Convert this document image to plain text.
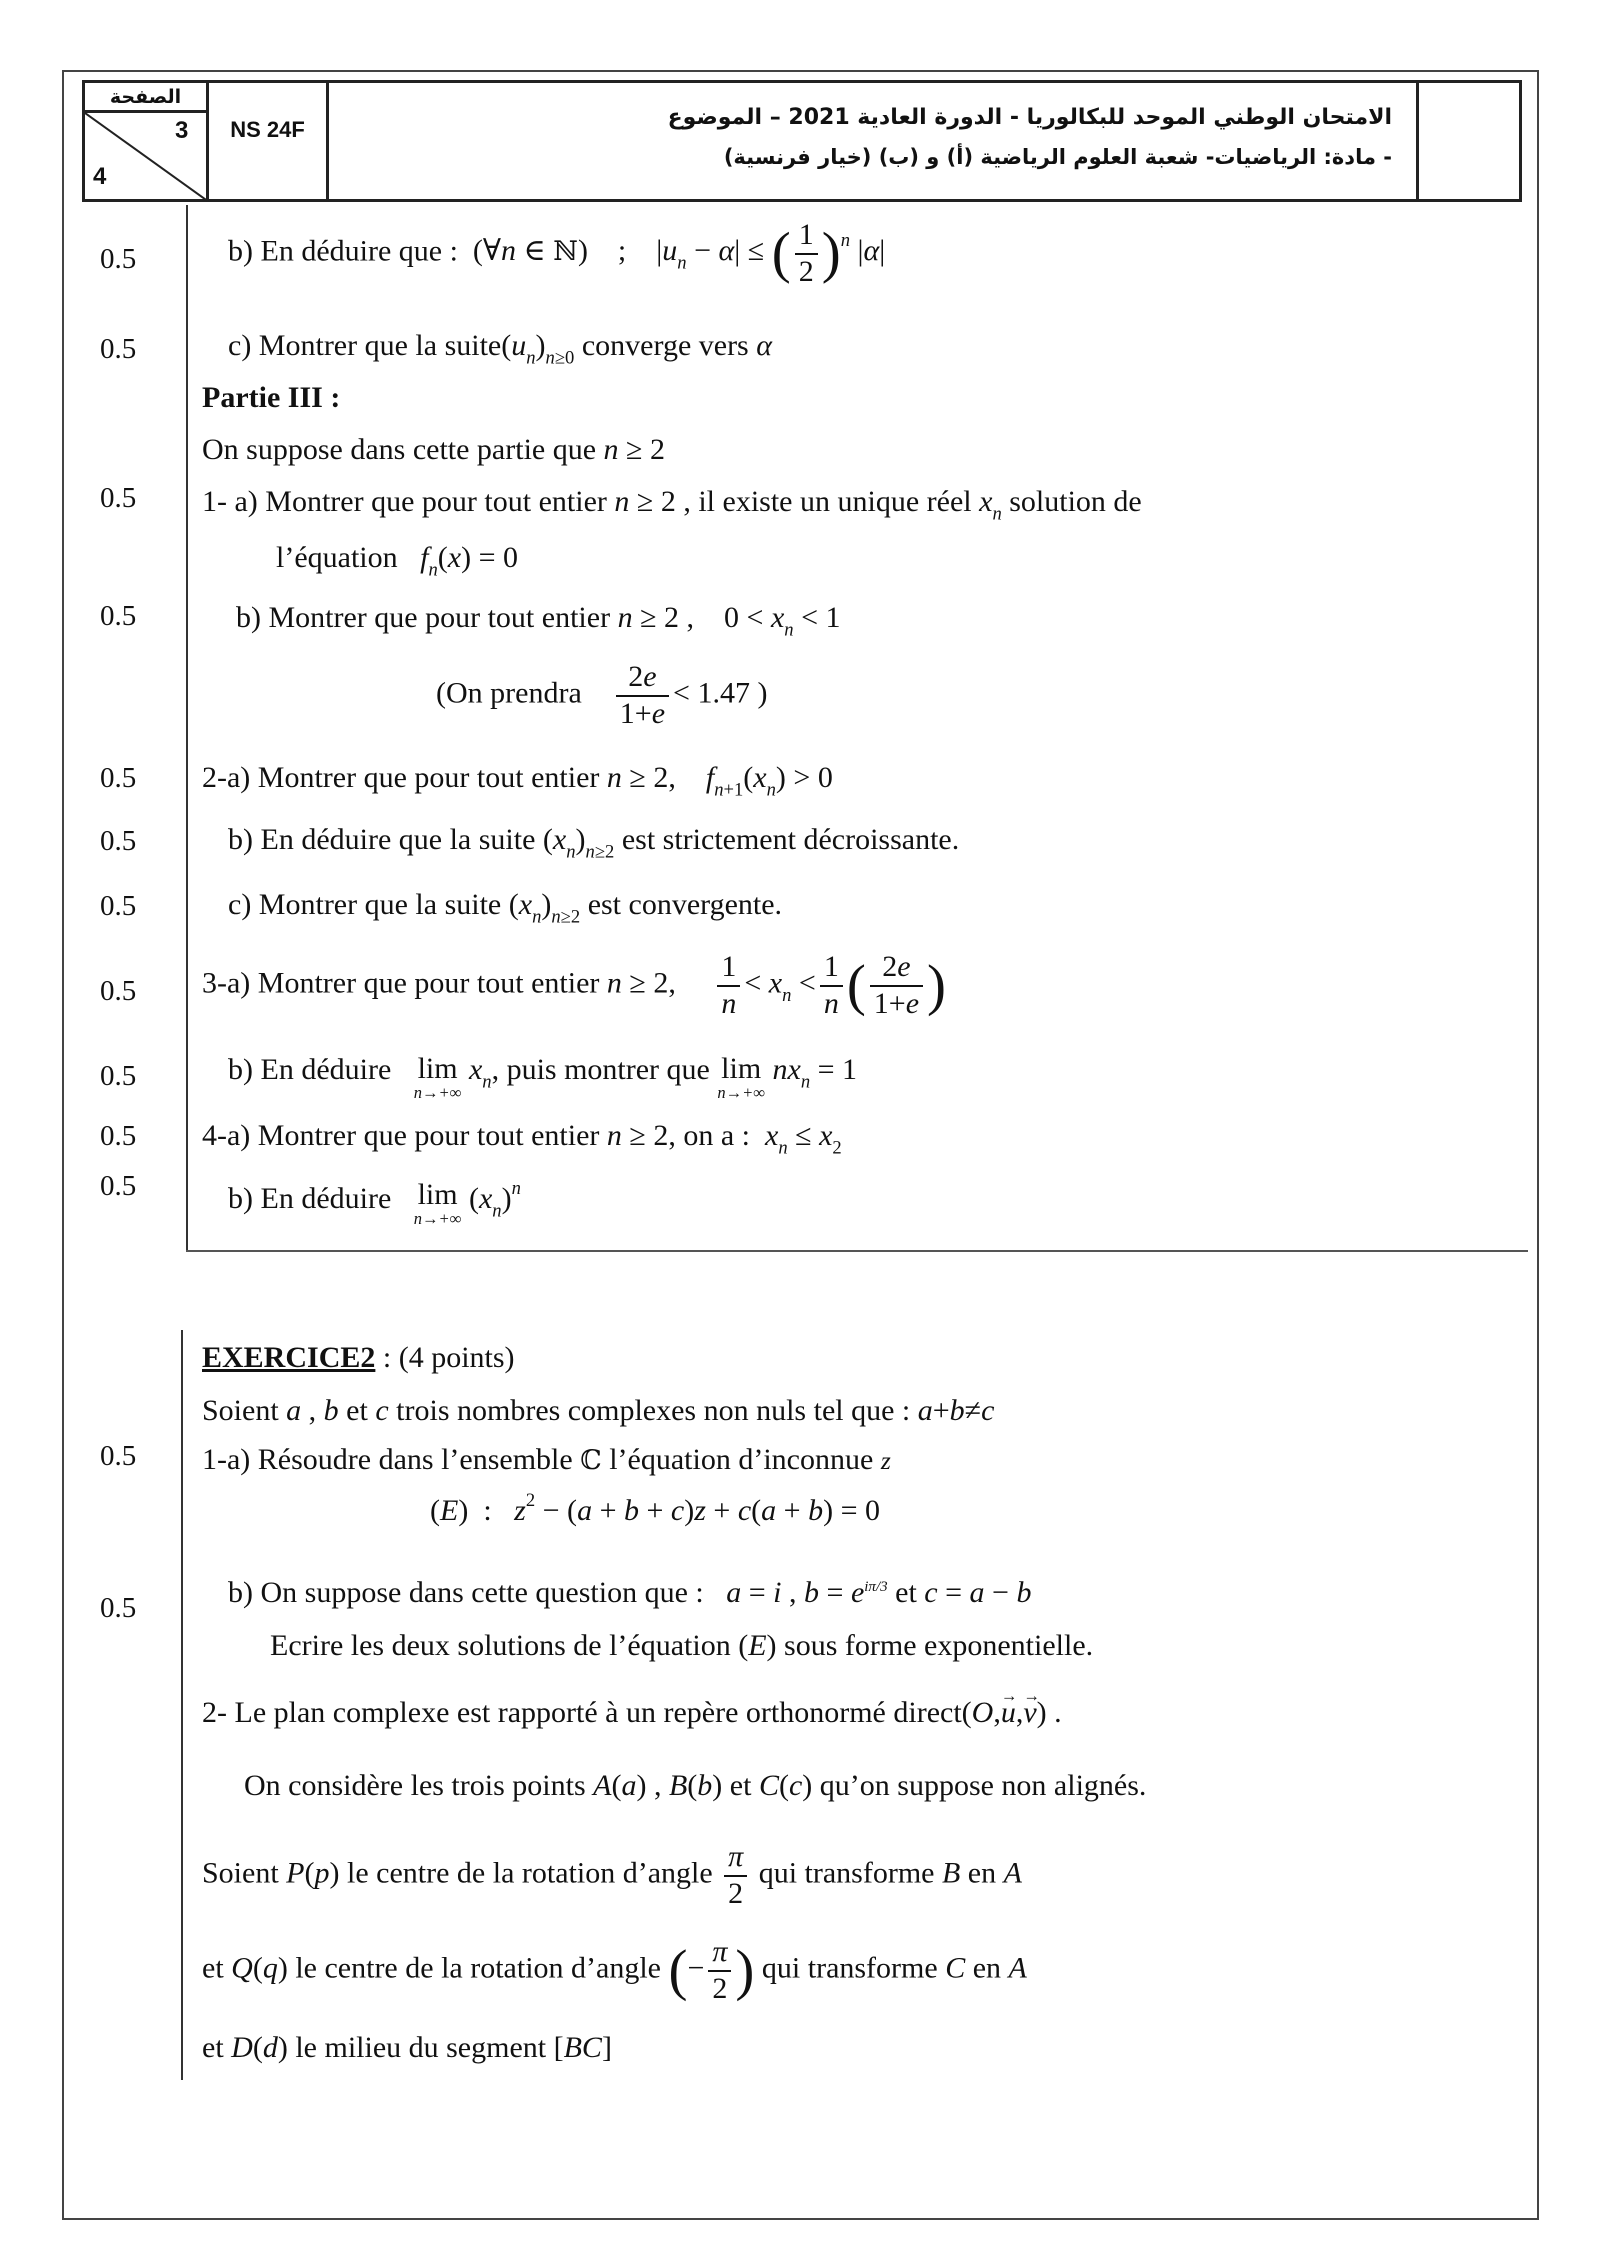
الصفحة
3
4
NS 24F	الامتحان الوطني الموحد للبكالوريا - الدورة العادية 2021 – الموضوع
- مادة: الرياضيات- شعبة العلوم الرياضية (أ) و (ب) (خيار فرنسية)
0.5
0.5
0.5
0.5
0.5
0.5
0.5
0.5
0.5
0.5
0.5
0.5
0.5
b) En déduire que : (∀n ∈ ℕ)    ;    $|u_n - \alpha|$ ≤ ( $\frac{1}{2} )^n$ |α|
c) Montrer que la $suite(u_n)_{n\ge 0}$ converge vers α
Partie III :
On suppose dans cette partie que n ≥ 2
1- a) Montrer que pour tout entier n ≥ 2 , il existe un unique réel $x_n$ solution de
l’équation $f_n(x) = 0$
b) Montrer que pour tout entier n ≥ 2 ,    $0 < x_n < 1$
(On prendra $\frac{2e}{1+e} < 1.47$ )
2-a) Montrer que pour tout entier n ≥ 2,    $f_{n+1}(x_n) > 0$
b) En déduire que la suite $(x_n)_{n\ge 2}$ est strictement décroissante.
c) Montrer que la suite $(x_n)_{n\ge 2}$ est convergente.
3-a) Montrer que pour tout entier n ≥ 2, $\frac{1}{n} < x_n < \frac{1}{n}$ ( $\frac{2e}{1+e}$ )
b) En déduire lim
n→+∞
$x_n$, puis montrer que lim
n→+∞
$nx_n = 1$
4-a) Montrer que pour tout entier n ≥ 2, on a : $x_n \le x_2$
b) En déduire lim
n→+∞
$(x_n)^n$
EXERCICE2 : (4 points)
Soient a , b et c trois nombres complexes non nuls tel que : a+b≠c
1-a) Résoudre dans l’ensemble ℂ l’équation d’inconnue z
(E)  :   $z^2 - (a + b + c)z + c(a + b) = 0$
b) On suppose dans cette question que : a = i , $b = e^{i\pi/3}$ et c = a − b
Ecrire les deux solutions de l’équation (E) sous forme exponentielle.
2- Le plan complexe est rapporté à un repère orthonormé direct(O,→ u,→ v) .
On considère les trois points A(a) , B(b) et C(c) qu’on suppose non alignés.
Soient P(p) le centre de la rotation d’angle $\frac{\pi}{2}$ qui transforme B en A
et Q(q) le centre de la rotation d’angle (− $\frac{\pi}{2}$ ) qui transforme C en A
et D(d) le milieu du segment [BC]
